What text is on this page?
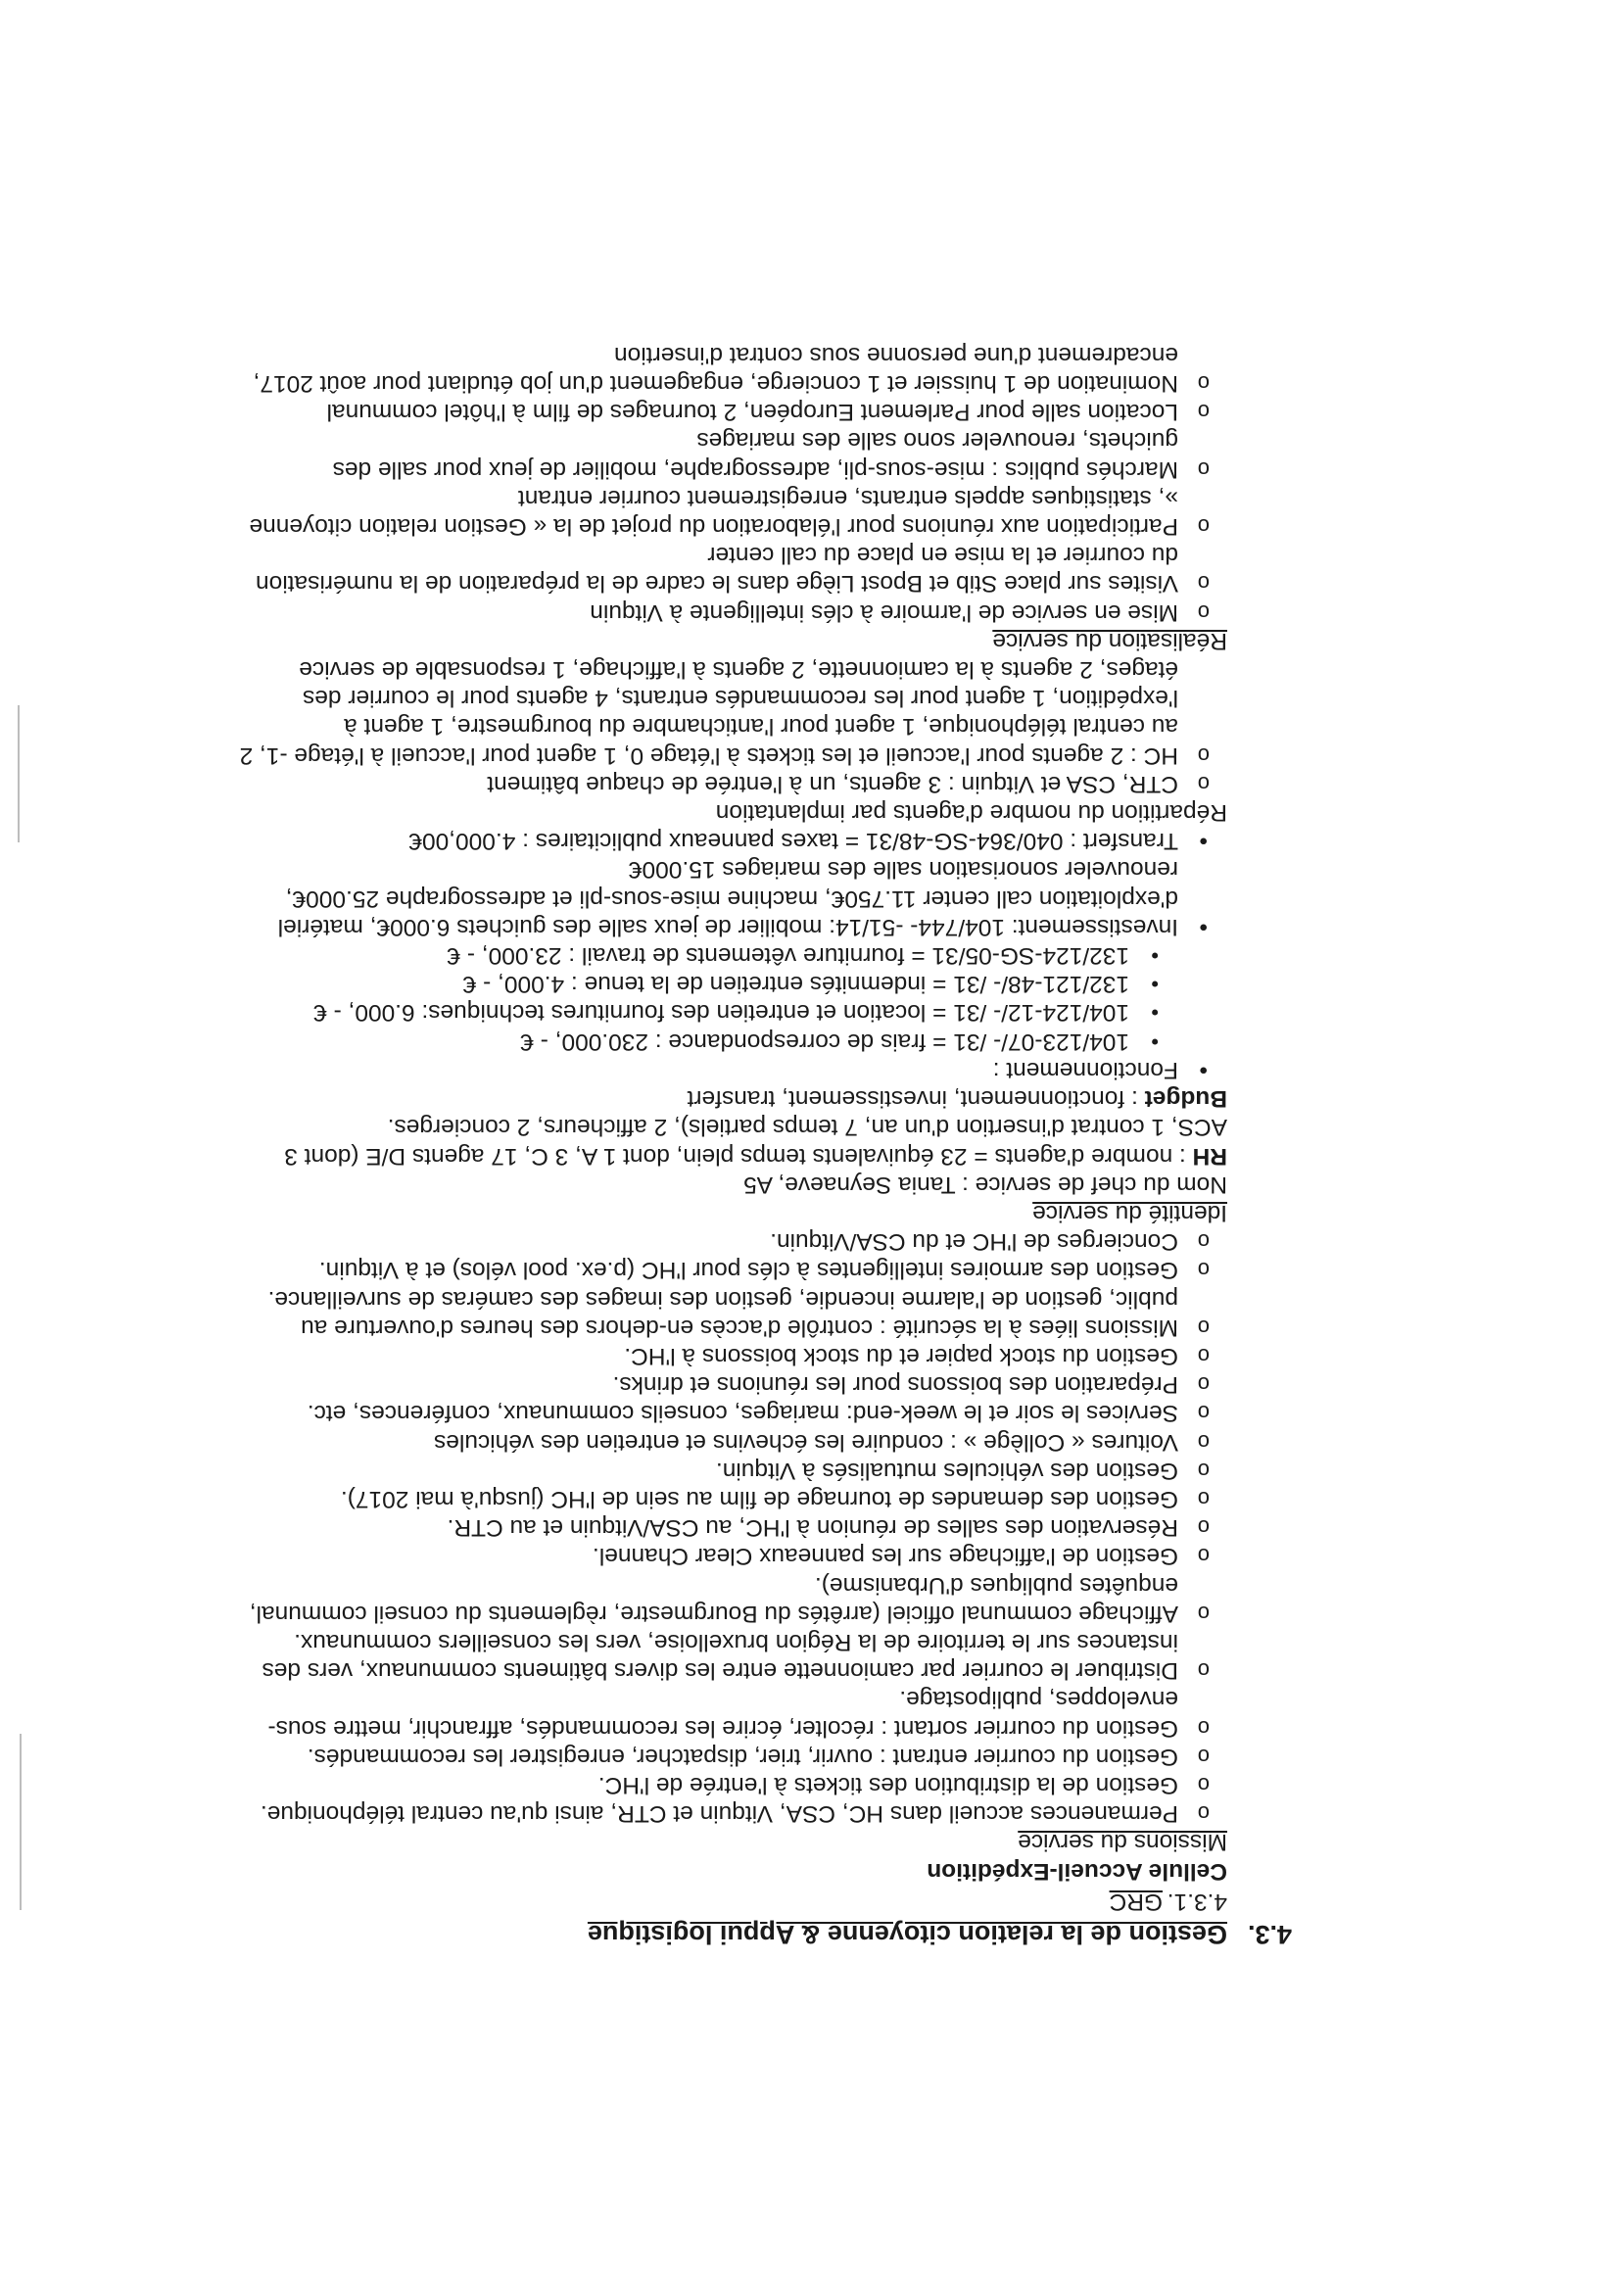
4.3.Gestion de la relation citoyenne & Appui logistique
4.3.1.GRC
Cellule Accueil-Expédition
Missions du service
o Permanences accueil dans HC, CSA, Vitquin et CTR, ainsi qu'au central téléphonique.
o Gestion de la distribution des tickets à l'entrée de l'HC.
o Gestion du courrier entrant : ouvrir, trier, dispatcher, enregistrer les recommandés.
o Gestion du courrier sortant : récolter, écrire les recommandés, affranchir, mettre sous-enveloppes, publipostage.
o Distribuer le courrier par camionnette entre les divers bâtiments communaux, vers des instances sur le territoire de la Région bruxelloise, vers les conseillers communaux.
o Affichage communal officiel (arrêtés du Bourgmestre, règlements du conseil communal, enquêtes publiques d'Urbanisme).
o Gestion de l'affichage sur les panneaux Clear Channel.
o Réservation des salles de réunion à l'HC, au CSA/Vitquin et au CTR.
o Gestion des demandes de tournage de film au sein de l'HC (jusqu'à mai 2017).
o Gestion des véhicules mutualisés à Vitquin.
o Voitures « Collège » : conduire les échevins et entretien des véhicules
o Services le soir et le week-end: mariages, conseils communaux, conférences, etc.
o Préparation des boissons pour les réunions et drinks.
o Gestion du stock papier et du stock boissons à l'HC.
o Missions liées à la sécurité : contrôle d'accès en-dehors des heures d'ouverture au public, gestion de l'alarme incendie, gestion des images des caméras de surveillance.
o Gestion des armoires intelligentes à clés pour l'HC (p.ex. pool vélos) et à Vitquin.
o Concierges de l'HC et du CSA/Vitquin.
Identité du service
Nom du chef de service : Tania Seynaeve, A5
RH : nombre d'agents = 23 équivalents temps plein, dont 1 A, 3 C, 17 agents D/E (dont 3 ACS, 1 contrat d'insertion d'un an, 7 temps partiels), 2 afficheurs, 2 concierges.
Budget : fonctionnement, investissement, transfert
• Fonctionnement :
• 104/123-07/- /31 = frais de correspondance : 230.000, - €
• 104/124-12/- /31 = location et entretien des fournitures techniques: 6.000, - €
• 132/121-48/- /31 = indemnités entretien de la tenue : 4.000, - €
• 132/124-SG-05/31 = fourniture vêtements de travail : 23.000, - €
• Investissement: 104/744- -51/14: mobilier de jeux salle des guichets 6.000€, matériel d'exploitation call center 11.750€, machine mise-sous-pli et adressographe 25.000€, renouveler sonorisation salle des mariages 15.000€
• Transfert : 040/364-SG-48/31 = taxes panneaux publicitaires : 4.000,00€
Répartition du nombre d'agents par implantation
o CTR, CSA et Vitquin : 3 agents, un à l'entrée de chaque bâtiment
o HC : 2 agents pour l'accueil et les tickets à l'étage 0, 1 agent pour l'accueil à l'étage -1, 2 au central téléphonique, 1 agent pour l'antichambre du bourgmestre, 1 agent à l'expédition, 1 agent pour les recommandés entrants, 4 agents pour le courrier des étages, 2 agents à la camionnette, 2 agents à l'affichage, 1 responsable de service
Réalisation du service
o Mise en service de l'armoire à clés intelligente à Vitquin
o Visites sur place Stib et Bpost Liège dans le cadre de la préparation de la numérisation du courrier et la mise en place du call center
o Participation aux réunions pour l'élaboration du projet de la « Gestion relation citoyenne », statistiques appels entrants, enregistrement courrier entrant
o Marchés publics : mise-sous-pli, adressographe, mobilier de jeux pour salle des guichets, renouveler sono salle des mariages
o Location salle pour Parlement Européen, 2 tournages de film à l'hôtel communal
o Nomination de 1 huissier et 1 concierge, engagement d'un job étudiant pour août 2017, encadrement d'une personne sous contrat d'insertion
